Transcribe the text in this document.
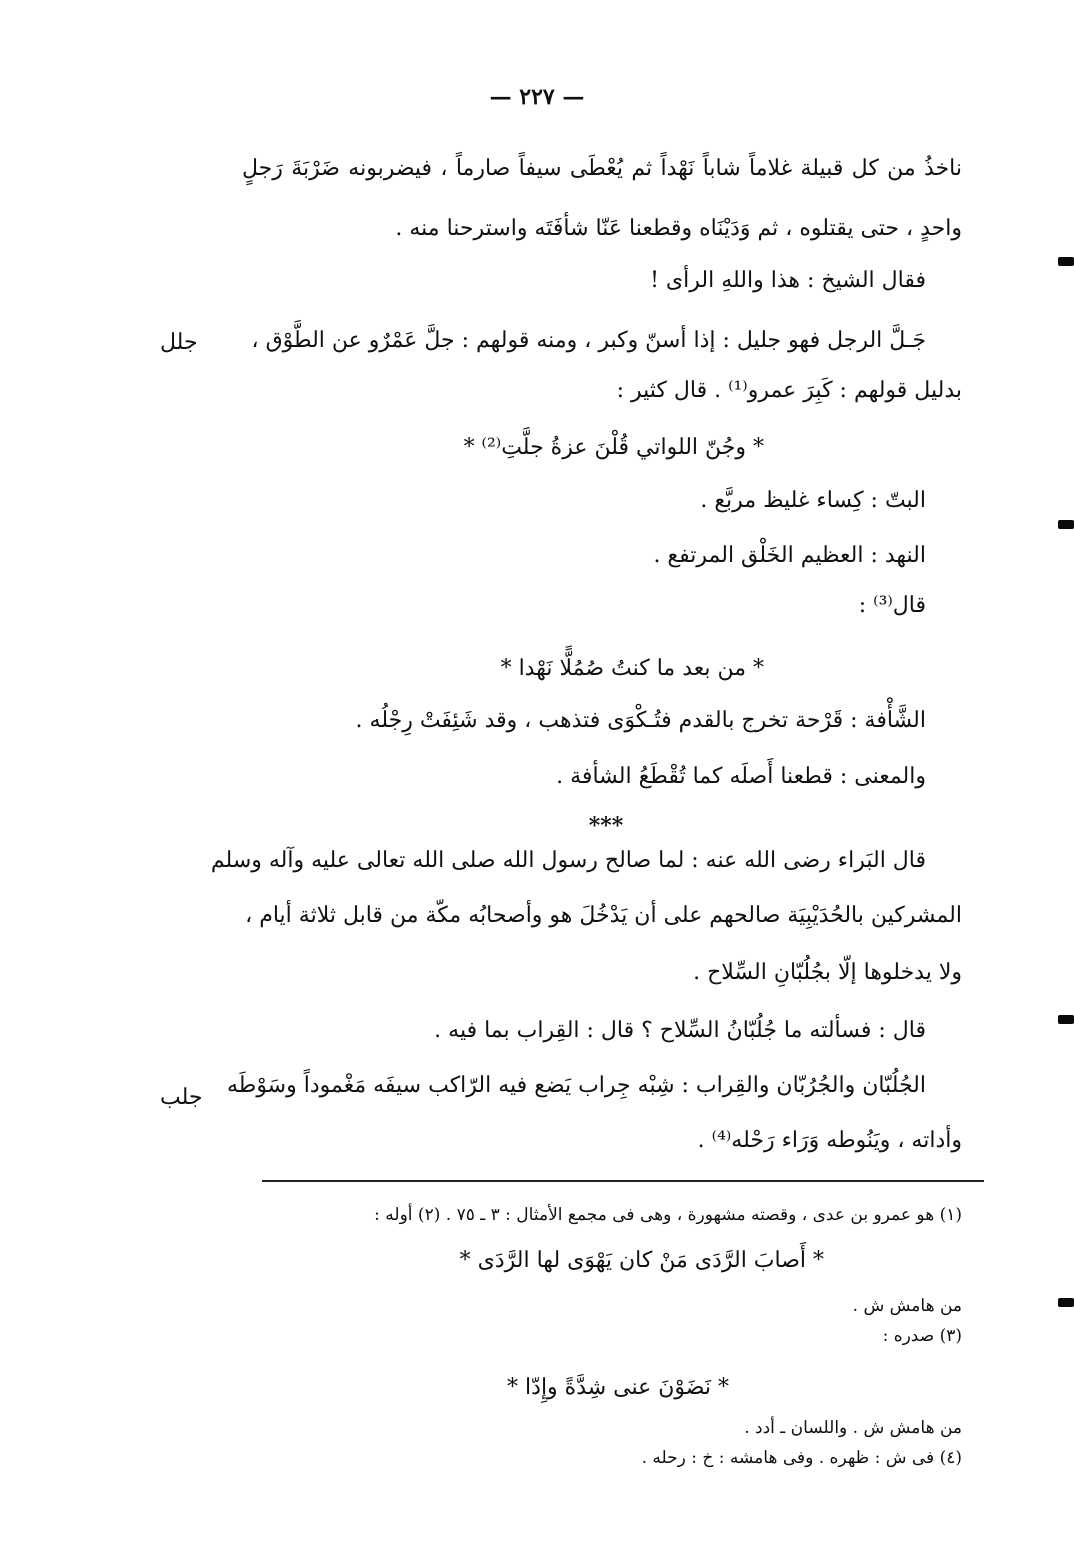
— ٢٢٧ —
ناخذُ من كل قبيلة غلاماً شاباً نَهْداً ثم يُعْطَى سيفاً صارماً ، فيضربونه ضَرْبَةَ رَجلٍ
واحدٍ ، حتى يقتلوه ، ثم وَدَيْنَاه وقطعنا عَنّا شأفَتَه واسترحنا منه .
فقال الشيخ : هذا واللهِ الرأى !
جَـلَّ الرجل فهو جليل : إذا أسنّ وكبر ، ومنه قولهم : جلَّ عَمْرٌو عن الطَّوْق ،
بدليل قولهم : كَبِرَ عمرو⁽¹⁾ . قال كثير :
* وجُنّ اللواتي قُلْنَ عزةُ جلَّتِ⁽²⁾ *
البتّ : كِساء غليظ مربَّع .
النهد : العظيم الخَلْق المرتفع .
قال⁽³⁾ :
* من بعد ما كنتُ صُمُلًّا نَهْدا *
الشَّأْفة : قَرْحة تخرج بالقدم فتُـكْوَى فتذهب ، وقد شَئِفَتْ رِجْلُه .
والمعنى : قطعنا أَصلَه كما تُقْطَعُ الشأفة .
***
قال البَراء رضى الله عنه : لما صالح رسول الله صلى الله تعالى عليه وآله وسلم
المشركين بالحُدَيْبِيَة صالحهم على أن يَدْخُلَ هو وأصحابُه مكّة من قابل ثلاثة أيام ،
ولا يدخلوها إلّا بجُلُبّانِ السِّلاح .
قال : فسألته ما جُلُبّانُ السِّلاح ؟ قال : القِراب بما فيه .
الجُلُبّان والجُرُبّان والقِراب : شِبْه جِراب يَضع فيه الرّاكب سيفَه مَغْموداً وسَوْطَه
وأداته ، ويَنُوطه وَرَاء رَحْله⁽⁴⁾ .
جلل
جلب
(١) هو عمرو بن عدى ، وقصته مشهورة ، وهى فى مجمع الأمثال : ٣ ـ ٧٥ . (٢) أوله :
* أَصابَ الرَّدَى مَنْ كان يَهْوَى لها الرَّدَى *
من هامش ش .
(٣) صدره :
* نَضَوْنَ عنى شِدَّةً وإِدّا *
من هامش ش . واللسان ـ أدد .
(٤) فى ش : ظهره . وفى هامشه : خ : رحله .
